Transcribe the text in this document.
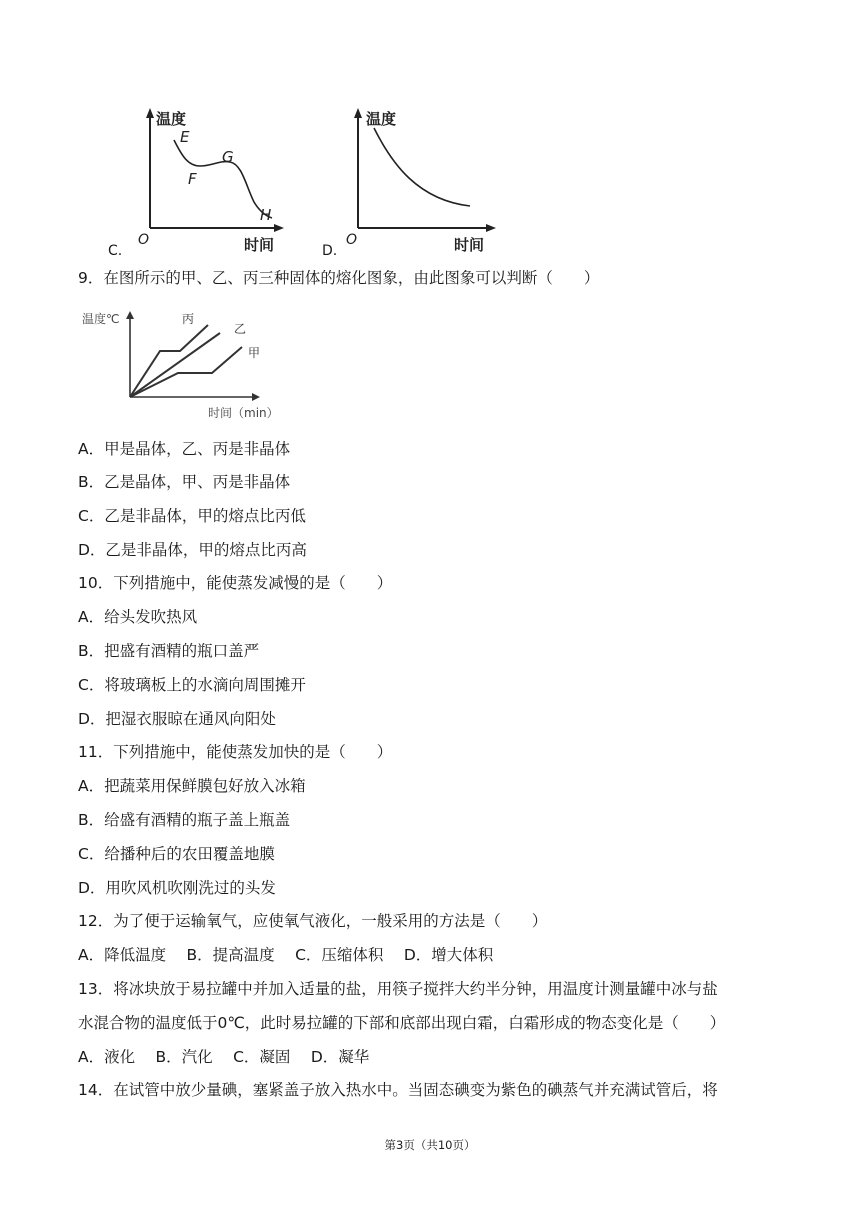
温度
时间
O
E
F
G
H
C.
温度
时间
O
D.
9．在图所示的甲、乙、丙三种固体的熔化图象，由此图象可以判断（　　）
温度℃	丙
乙
甲
时间（min）
A．甲是晶体，乙、丙是非晶体
B．乙是晶体，甲、丙是非晶体
C．乙是非晶体，甲的熔点比丙低
D．乙是非晶体，甲的熔点比丙高
10．下列措施中，能使蒸发减慢的是（　　）
A．给头发吹热风
B．把盛有酒精的瓶口盖严
C．将玻璃板上的水滴向周围摊开
D．把湿衣服晾在通风向阳处
11．下列措施中，能使蒸发加快的是（　　）
A．把蔬菜用保鲜膜包好放入冰箱
B．给盛有酒精的瓶子盖上瓶盖
C．给播种后的农田覆盖地膜
D．用吹风机吹刚洗过的头发
12．为了便于运输氧气，应使氧气液化，一般采用的方法是（　　）
A．降低温度　 B．提高温度　 C．压缩体积　 D．增大体积
13．将冰块放于易拉罐中并加入适量的盐，用筷子搅拌大约半分钟，用温度计测量罐中冰与盐
水混合物的温度低于0℃，此时易拉罐的下部和底部出现白霜，白霜形成的物态变化是（　　）
A．液化　 B．汽化　 C．凝固　 D．凝华
14．在试管中放少量碘，塞紧盖子放入热水中。当固态碘变为紫色的碘蒸气并充满试管后，将
第3页（共10页）
